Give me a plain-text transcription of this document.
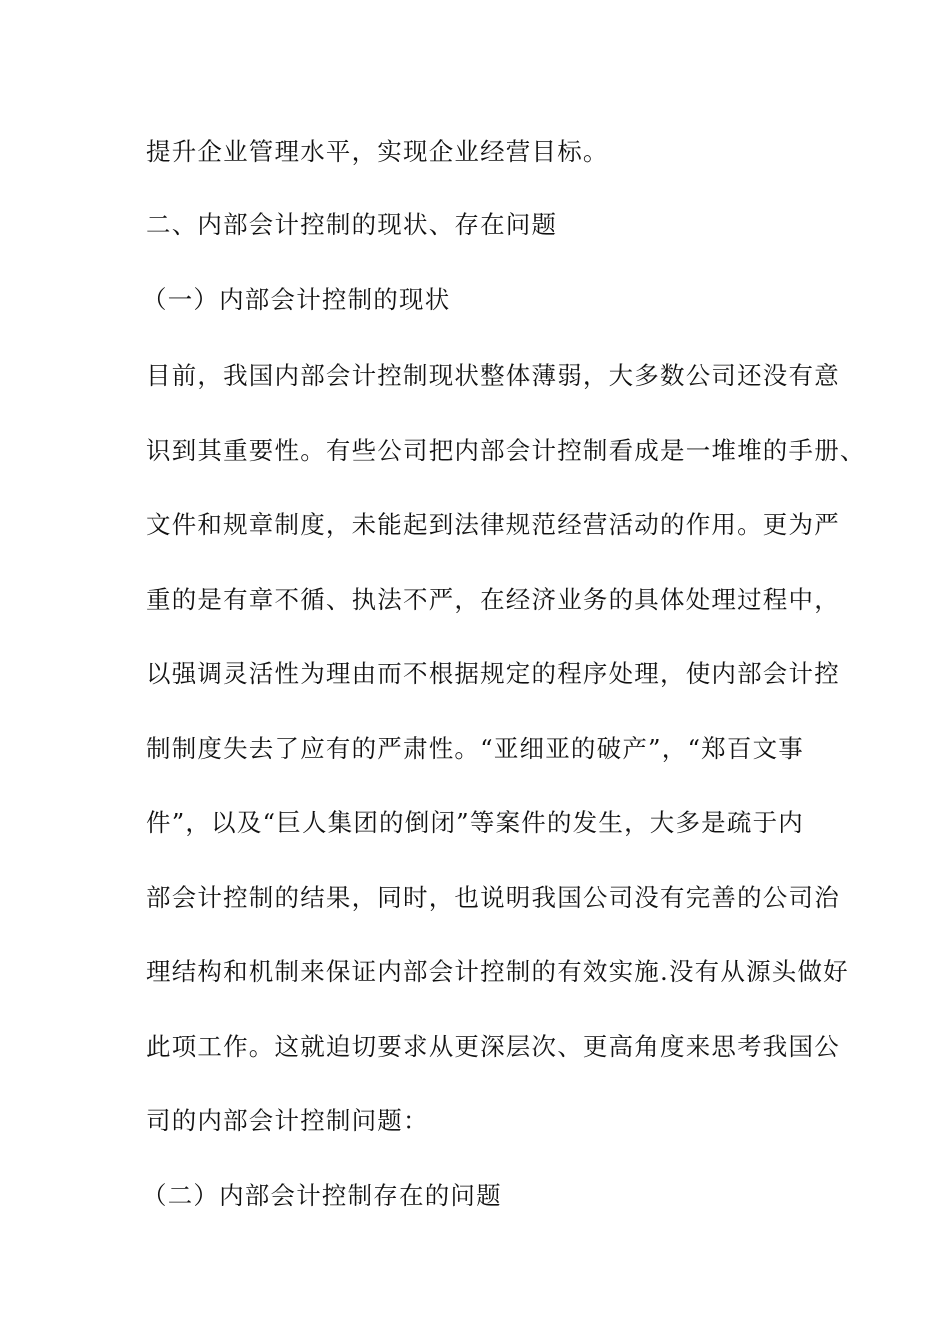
提升企业管理水平，实现企业经营目标。
二、内部会计控制的现状、存在问题
（一）内部会计控制的现状
目前，我国内部会计控制现状整体薄弱，大多数公司还没有意
识到其重要性。有些公司把内部会计控制看成是一堆堆的手册、
文件和规章制度，未能起到法律规范经营活动的作用。更为严
重的是有章不循、执法不严，在经济业务的具体处理过程中，
以强调灵活性为理由而不根据规定的程序处理，使内部会计控
制制度失去了应有的严肃性。“亚细亚的破产”，“郑百文事
件”，以及“巨人集团的倒闭”等案件的发生，大多是疏于内
部会计控制的结果，同时，也说明我国公司没有完善的公司治
理结构和机制来保证内部会计控制的有效实施.没有从源头做好
此项工作。这就迫切要求从更深层次、更高角度来思考我国公
司的内部会计控制问题：
（二）内部会计控制存在的问题
